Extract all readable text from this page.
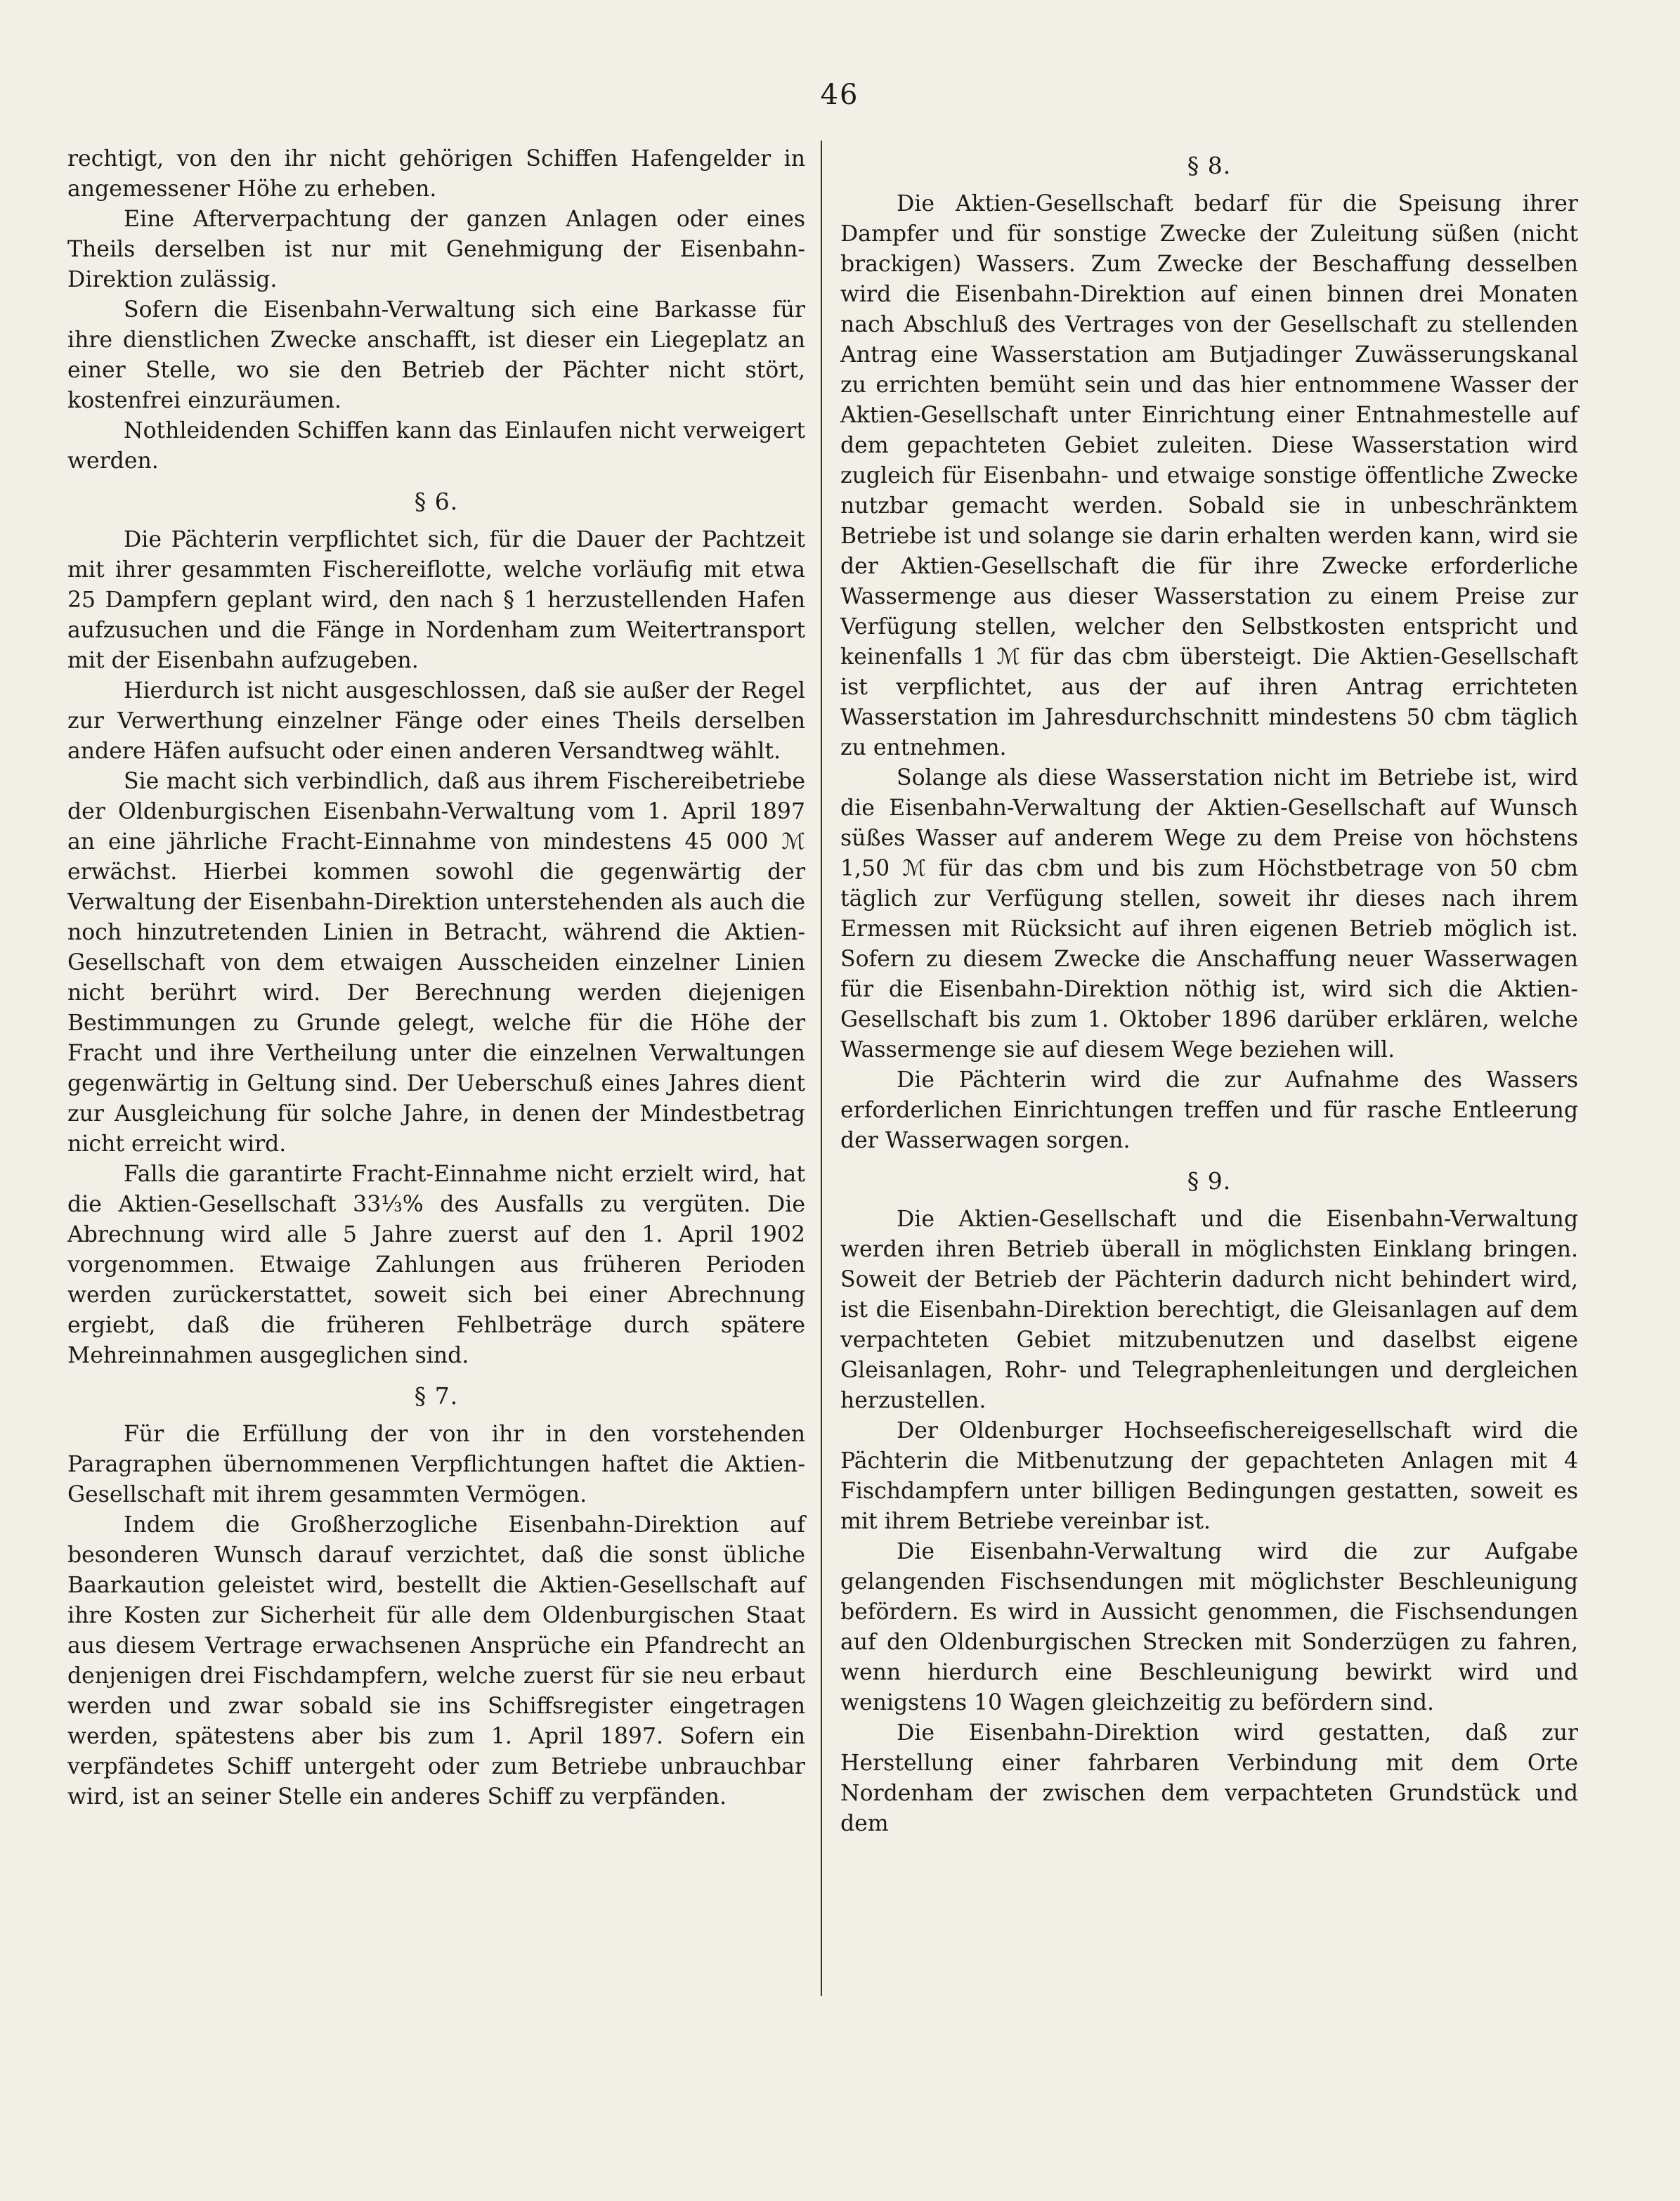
46

rechtigt, von den ihr nicht gehörigen Schiffen Hafengelder in angemessener Höhe zu erheben.

Eine Afterverpachtung der ganzen Anlagen oder eines Theils derselben ist nur mit Genehmigung der Eisenbahn-Direktion zulässig.

Sofern die Eisenbahn-Verwaltung sich eine Barkasse für ihre dienstlichen Zwecke anschafft, ist dieser ein Liegeplatz an einer Stelle, wo sie den Betrieb der Pächter nicht stört, kostenfrei einzuräumen.

Nothleidenden Schiffen kann das Einlaufen nicht verweigert werden.

§ 6.

Die Pächterin verpflichtet sich, für die Dauer der Pachtzeit mit ihrer gesammten Fischereiflotte, welche vorläufig mit etwa 25 Dampfern geplant wird, den nach § 1 herzustellenden Hafen aufzusuchen und die Fänge in Nordenham zum Weitertransport mit der Eisenbahn aufzugeben.

Hierdurch ist nicht ausgeschlossen, daß sie außer der Regel zur Verwerthung einzelner Fänge oder eines Theils derselben andere Häfen aufsucht oder einen anderen Versandtweg wählt.

Sie macht sich verbindlich, daß aus ihrem Fischereibetriebe der Oldenburgischen Eisenbahn-Verwaltung vom 1. April 1897 an eine jährliche Fracht-Einnahme von mindestens 45 000 ℳ erwächst. Hierbei kommen sowohl die gegenwärtig der Verwaltung der Eisenbahn-Direktion unterstehenden als auch die noch hinzutretenden Linien in Betracht, während die Aktien-Gesellschaft von dem etwaigen Ausscheiden einzelner Linien nicht berührt wird. Der Berechnung werden diejenigen Bestimmungen zu Grunde gelegt, welche für die Höhe der Fracht und ihre Vertheilung unter die einzelnen Verwaltungen gegenwärtig in Geltung sind. Der Ueberschuß eines Jahres dient zur Ausgleichung für solche Jahre, in denen der Mindestbetrag nicht erreicht wird.

Falls die garantirte Fracht-Einnahme nicht erzielt wird, hat die Aktien-Gesellschaft 33⅓% des Ausfalls zu vergüten. Die Abrechnung wird alle 5 Jahre zuerst auf den 1. April 1902 vorgenommen. Etwaige Zahlungen aus früheren Perioden werden zurückerstattet, soweit sich bei einer Abrechnung ergiebt, daß die früheren Fehlbeträge durch spätere Mehreinnahmen ausgeglichen sind.

§ 7.

Für die Erfüllung der von ihr in den vorstehenden Paragraphen übernommenen Verpflichtungen haftet die Aktien-Gesellschaft mit ihrem gesammten Vermögen.

Indem die Großherzogliche Eisenbahn-Direktion auf besonderen Wunsch darauf verzichtet, daß die sonst übliche Baarkaution geleistet wird, bestellt die Aktien-Gesellschaft auf ihre Kosten zur Sicherheit für alle dem Oldenburgischen Staat aus diesem Vertrage erwachsenen Ansprüche ein Pfandrecht an denjenigen drei Fischdampfern, welche zuerst für sie neu erbaut werden und zwar sobald sie ins Schiffsregister eingetragen werden, spätestens aber bis zum 1. April 1897. Sofern ein verpfändetes Schiff untergeht oder zum Betriebe unbrauchbar wird, ist an seiner Stelle ein anderes Schiff zu verpfänden.

§ 8.

Die Aktien-Gesellschaft bedarf für die Speisung ihrer Dampfer und für sonstige Zwecke der Zuleitung süßen (nicht brackigen) Wassers. Zum Zwecke der Beschaffung desselben wird die Eisenbahn-Direktion auf einen binnen drei Monaten nach Abschluß des Vertrages von der Gesellschaft zu stellenden Antrag eine Wasserstation am Butjadinger Zuwässerungskanal zu errichten bemüht sein und das hier entnommene Wasser der Aktien-Gesellschaft unter Einrichtung einer Entnahmestelle auf dem gepachteten Gebiet zuleiten. Diese Wasserstation wird zugleich für Eisenbahn- und etwaige sonstige öffentliche Zwecke nutzbar gemacht werden. Sobald sie in unbeschränktem Betriebe ist und solange sie darin erhalten werden kann, wird sie der Aktien-Gesellschaft die für ihre Zwecke erforderliche Wassermenge aus dieser Wasserstation zu einem Preise zur Verfügung stellen, welcher den Selbstkosten entspricht und keinenfalls 1 ℳ für das cbm übersteigt. Die Aktien-Gesellschaft ist verpflichtet, aus der auf ihren Antrag errichteten Wasserstation im Jahresdurchschnitt mindestens 50 cbm täglich zu entnehmen.

Solange als diese Wasserstation nicht im Betriebe ist, wird die Eisenbahn-Verwaltung der Aktien-Gesellschaft auf Wunsch süßes Wasser auf anderem Wege zu dem Preise von höchstens 1,50 ℳ für das cbm und bis zum Höchstbetrage von 50 cbm täglich zur Verfügung stellen, soweit ihr dieses nach ihrem Ermessen mit Rücksicht auf ihren eigenen Betrieb möglich ist. Sofern zu diesem Zwecke die Anschaffung neuer Wasserwagen für die Eisenbahn-Direktion nöthig ist, wird sich die Aktien-Gesellschaft bis zum 1. Oktober 1896 darüber erklären, welche Wassermenge sie auf diesem Wege beziehen will.

Die Pächterin wird die zur Aufnahme des Wassers erforderlichen Einrichtungen treffen und für rasche Entleerung der Wasserwagen sorgen.

§ 9.

Die Aktien-Gesellschaft und die Eisenbahn-Verwaltung werden ihren Betrieb überall in möglichsten Einklang bringen. Soweit der Betrieb der Pächterin dadurch nicht behindert wird, ist die Eisenbahn-Direktion berechtigt, die Gleisanlagen auf dem verpachteten Gebiet mitzubenutzen und daselbst eigene Gleisanlagen, Rohr- und Telegraphenleitungen und dergleichen herzustellen.

Der Oldenburger Hochseefischereigesellschaft wird die Pächterin die Mitbenutzung der gepachteten Anlagen mit 4 Fischdampfern unter billigen Bedingungen gestatten, soweit es mit ihrem Betriebe vereinbar ist.

Die Eisenbahn-Verwaltung wird die zur Aufgabe gelangenden Fischsendungen mit möglichster Beschleunigung befördern. Es wird in Aussicht genommen, die Fischsendungen auf den Oldenburgischen Strecken mit Sonderzügen zu fahren, wenn hierdurch eine Beschleunigung bewirkt wird und wenigstens 10 Wagen gleichzeitig zu befördern sind.

Die Eisenbahn-Direktion wird gestatten, daß zur Herstellung einer fahrbaren Verbindung mit dem Orte Nordenham der zwischen dem verpachteten Grundstück und dem
